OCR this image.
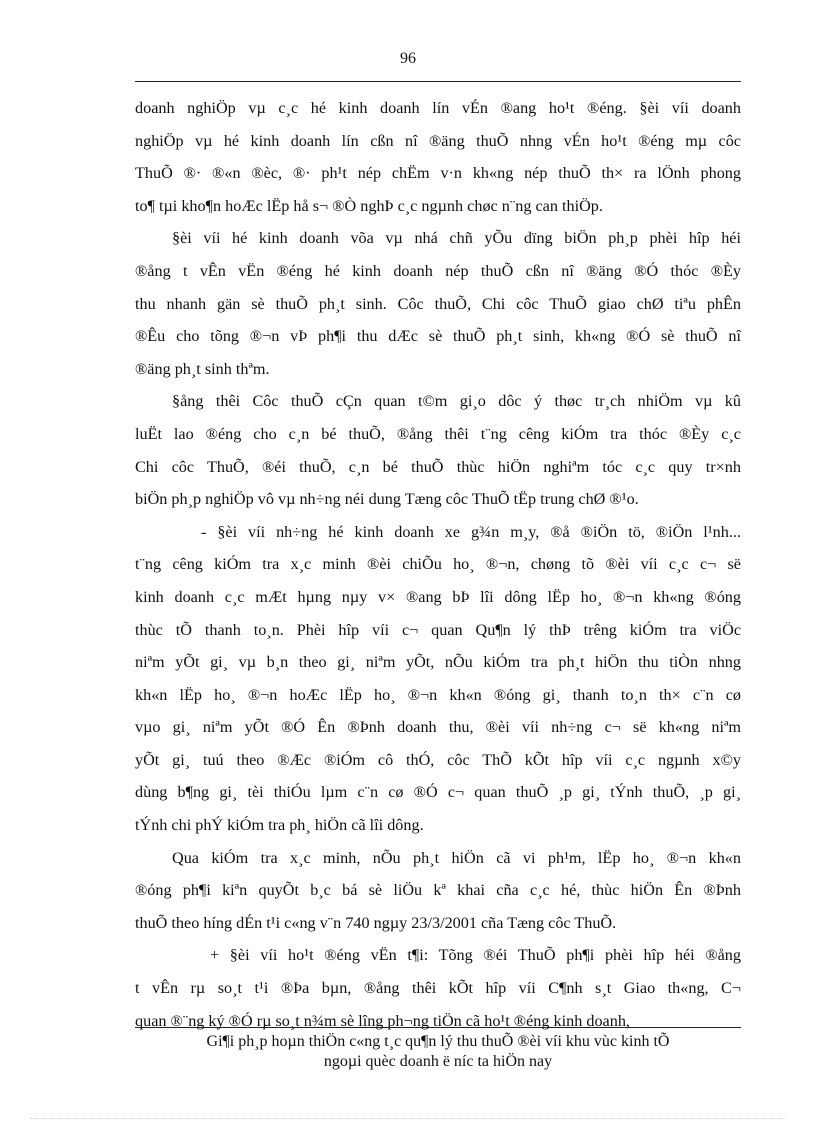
96

doanh nghiÖp vµ c¸c hé kinh doanh lín vÉn ®ang ho¹t ®éng. §èi víi doanh
nghiÖp vµ hé kinh doanh lín cßn nî ®äng thuÕ nhng vÉn ho¹t ®éng mµ côc
ThuÕ ®· ®«n ®èc, ®· ph¹t nép chËm v·n kh«ng nép thuÕ th× ra lÖnh phong
to¶ tµi kho¶n hoÆc lËp hå s¬ ®Ò nghÞ c¸c ngµnh chøc n¨ng can thiÖp.
§èi víi hé kinh doanh võa vµ nhá chñ yÕu dïng biÖn ph¸p phèi hîp héi
®ång t vÊn vËn ®éng hé kinh doanh nép thuÕ cßn nî ®äng ®Ó thóc ®Èy
thu nhanh gän sè thuÕ ph¸t sinh. Côc thuÕ, Chi côc ThuÕ giao chØ tiªu phÊn
®Êu cho tõng ®¬n vÞ ph¶i thu dÆc sè thuÕ ph¸t sinh, kh«ng ®Ó sè thuÕ nî
®äng ph¸t sinh thªm.
§ång thêi Côc thuÕ cÇn quan t©m gi¸o dôc ý thøc tr¸ch nhiÖm vµ kû
luËt lao ®éng cho c¸n bé thuÕ, ®ång thêi t¨ng cêng kiÓm tra thóc ®Èy c¸c
Chi côc ThuÕ, ®éi thuÕ, c¸n bé thuÕ thùc hiÖn nghiªm tóc c¸c quy tr×nh
biÖn ph¸p nghiÖp vô vµ nh÷ng néi dung Tæng côc ThuÕ tËp trung chØ ®¹o.
- §èi víi nh÷ng hé kinh doanh xe g¾n m¸y, ®å ®iÖn tö, ®iÖn l¹nh...
t¨ng cêng kiÓm tra x¸c minh ®èi chiÕu ho¸ ®¬n, chøng tõ ®èi víi c¸c c¬ së
kinh doanh c¸c mÆt hµng nµy v× ®ang bÞ lîi dông lËp ho¸ ®¬n kh«ng ®óng
thùc tÕ thanh to¸n. Phèi hîp víi c¬ quan Qu¶n lý thÞ trêng kiÓm tra viÖc
niªm yÕt gi¸ vµ b¸n theo gi¸ niªm yÕt, nÕu kiÓm tra ph¸t hiÖn thu tiÒn nhng
kh«n lËp ho¸ ®¬n hoÆc lËp ho¸ ®¬n kh«n ®óng gi¸ thanh to¸n th× c¨n cø
vµo gi¸ niªm yÕt ®Ó Ên ®Þnh doanh thu, ®èi víi nh÷ng c¬ së kh«ng niªm
yÕt gi¸ tuú theo ®Æc ®iÓm cô thÓ, côc ThÕ kÕt hîp víi c¸c ngµnh x©y
dùng b¶ng gi¸ tèi thiÓu lµm c¨n cø ®Ó c¬ quan thuÕ ¸p gi¸ tÝnh thuÕ, ¸p gi¸
tÝnh chi phÝ kiÓm tra ph¸ hiÖn cã lîi dông.
Qua kiÓm tra x¸c minh, nÕu ph¸t hiÖn cã vi ph¹m, lËp ho¸ ®¬n kh«n
®óng ph¶i kiªn quyÕt b¸c bá sè liÖu kª khai cña c¸c hé, thùc hiÖn Ên ®Þnh
thuÕ theo híng dÉn t¹i c«ng v¨n 740 ngµy 23/3/2001 cña Tæng côc ThuÕ.
+ §èi víi ho¹t ®éng vËn t¶i: Tõng ®éi ThuÕ ph¶i phèi hîp héi ®ång
t vÊn rµ so¸t t¹i ®Þa bµn, ®ång thêi kÕt hîp víi C¶nh s¸t Giao th«ng, C¬
quan ®¨ng ký ®Ó rµ so¸t n¾m sè lîng ph¬ng tiÖn cã ho¹t ®éng kinh doanh,
Gi¶i ph¸p hoµn thiÖn c«ng t¸c qu¶n lý thu thuÕ ®èi víi khu vùc kinh tÕ
ngoµi quèc doanh ë níc ta hiÖn nay
